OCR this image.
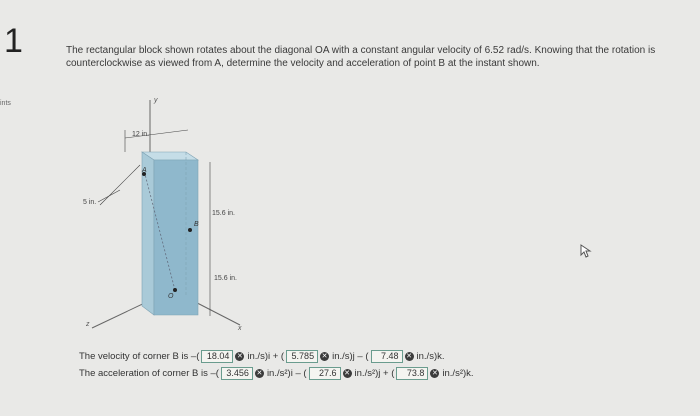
1
ints
The rectangular block shown rotates about the diagonal OA with a constant angular velocity of 6.52 rad/s. Knowing that the rotation is counterclockwise as viewed from A, determine the velocity and acceleration of point B at the instant shown.
y
12 in.
5 in.
15.6 in.
15.6 in.
A
B
O
z
x
The velocity of corner B is –( 18.04	✕ in./s)i + ( 5.785	✕ in./s)j – (	7.48	✕ in./s)k.
The acceleration of corner B is –( 3.456	✕ in./s²)i – (	27.6	✕ in./s²)j + (	73.8	✕ in./s²)k.
